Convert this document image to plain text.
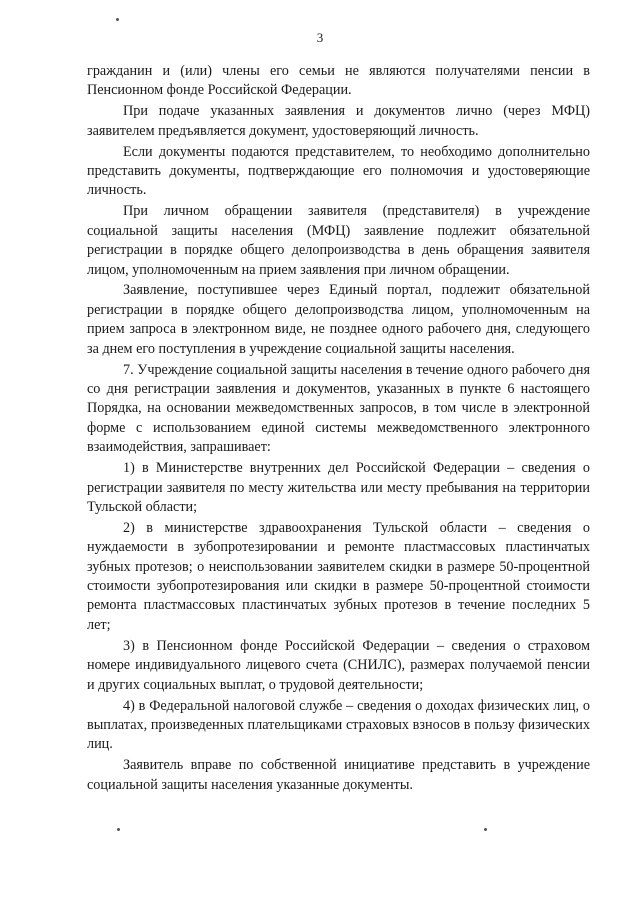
3

гражданин и (или) члены его семьи не являются получателями пенсии в Пенсионном фонде Российской Федерации.

При подаче указанных заявления и документов лично (через МФЦ) заявителем предъявляется документ, удостоверяющий личность.

Если документы подаются представителем, то необходимо дополнительно представить документы, подтверждающие его полномочия и удостоверяющие личность.

При личном обращении заявителя (представителя) в учреждение социальной защиты населения (МФЦ) заявление подлежит обязательной регистрации в порядке общего делопроизводства в день обращения заявителя лицом, уполномоченным на прием заявления при личном обращении.

Заявление, поступившее через Единый портал, подлежит обязательной регистрации в порядке общего делопроизводства лицом, уполномоченным на прием запроса в электронном виде, не позднее одного рабочего дня, следующего за днем его поступления в учреждение социальной защиты населения.

7. Учреждение социальной защиты населения в течение одного рабочего дня со дня регистрации заявления и документов, указанных в пункте 6 настоящего Порядка, на основании межведомственных запросов, в том числе в электронной форме с использованием единой системы межведомственного электронного взаимодействия, запрашивает:

1) в Министерстве внутренних дел Российской Федерации – сведения о регистрации заявителя по месту жительства или месту пребывания на территории Тульской области;

2) в министерстве здравоохранения Тульской области – сведения о нуждаемости в зубопротезировании и ремонте пластмассовых пластинчатых зубных протезов; о неиспользовании заявителем скидки в размере 50-процентной стоимости зубопротезирования или скидки в размере 50-процентной стоимости ремонта пластмассовых пластинчатых зубных протезов в течение последних 5 лет;

3) в Пенсионном фонде Российской Федерации – сведения о страховом номере индивидуального лицевого счета (СНИЛС), размерах получаемой пенсии и других социальных выплат, о трудовой деятельности;

4) в Федеральной налоговой службе – сведения о доходах физических лиц, о выплатах, произведенных плательщиками страховых взносов в пользу физических лиц.

Заявитель вправе по собственной инициативе представить в учреждение социальной защиты населения указанные документы.
